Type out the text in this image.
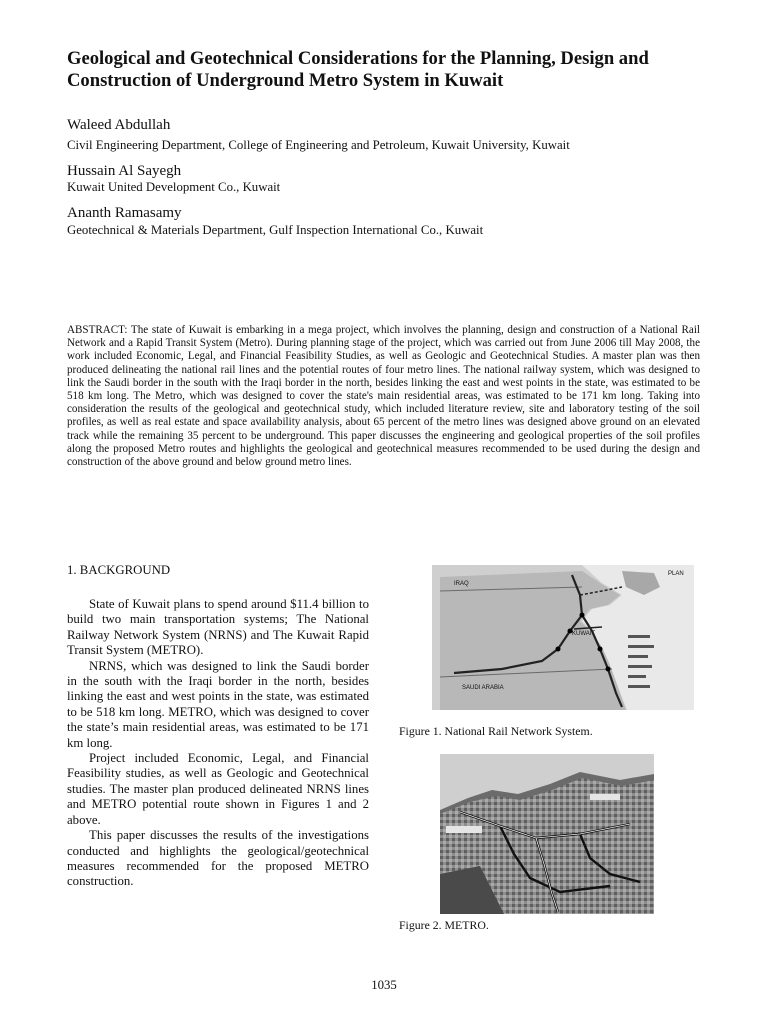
Geological and Geotechnical Considerations for the Planning, Design and Construction of Underground Metro System in Kuwait
Waleed Abdullah
Civil Engineering Department, College of Engineering and Petroleum, Kuwait University, Kuwait
Hussain Al Sayegh
Kuwait United Development Co., Kuwait
Ananth Ramasamy
Geotechnical & Materials Department, Gulf Inspection International Co., Kuwait

ABSTRACT: The state of Kuwait is embarking in a mega project, which involves the planning, design and construction of a National Rail Network and a Rapid Transit System (Metro). During planning stage of the project, which was carried out from June 2006 till May 2008, the work included Economic, Legal, and Financial Feasibility Studies, as well as Geologic and Geotechnical Studies. A master plan was then produced delineating the national rail lines and the potential routes of four metro lines. The national railway system, which was designed to link the Saudi border in the south with the Iraqi border in the north, besides linking the east and west points in the state, was estimated to be 518 km long. The Metro, which was designed to cover the state's main residential areas, was estimated to be 171 km long. Taking into consideration the results of the geological and geotechnical study, which included literature review, site and laboratory testing of the soil profiles, as well as real estate and space availability analysis, about 65 percent of the metro lines was designed above ground on an elevated track while the remaining 35 percent to be underground. This paper discusses the engineering and geological properties of the soil profiles along the proposed Metro routes and highlights the geological and geotechnical measures recommended to be used during the design and construction of the above ground and below ground metro lines.

1. BACKGROUND

State of Kuwait plans to spend around $11.4 billion to build two main transportation systems; The National Railway Network System (NRNS) and The Kuwait Rapid Transit System (METRO).

NRNS, which was designed to link the Saudi border in the south with the Iraqi border in the north, besides linking the east and west points in the state, was estimated to be 518 km long. METRO, which was designed to cover the state’s main residential areas, was estimated to be 171 km long.

Project included Economic, Legal, and Financial Feasibility studies, as well as Geologic and Geotechnical studies. The master plan produced delineated NRNS lines and METRO potential route shown in Figures 1 and 2 above.

This paper discusses the results of the investigations conducted and highlights the geological/geotechnical measures recommended for the proposed METRO construction.

IRAQ
KUWAIT
SAUDI ARABIA
PLAN
Figure 1. National Rail Network System.
Figure 2. METRO.
1035
